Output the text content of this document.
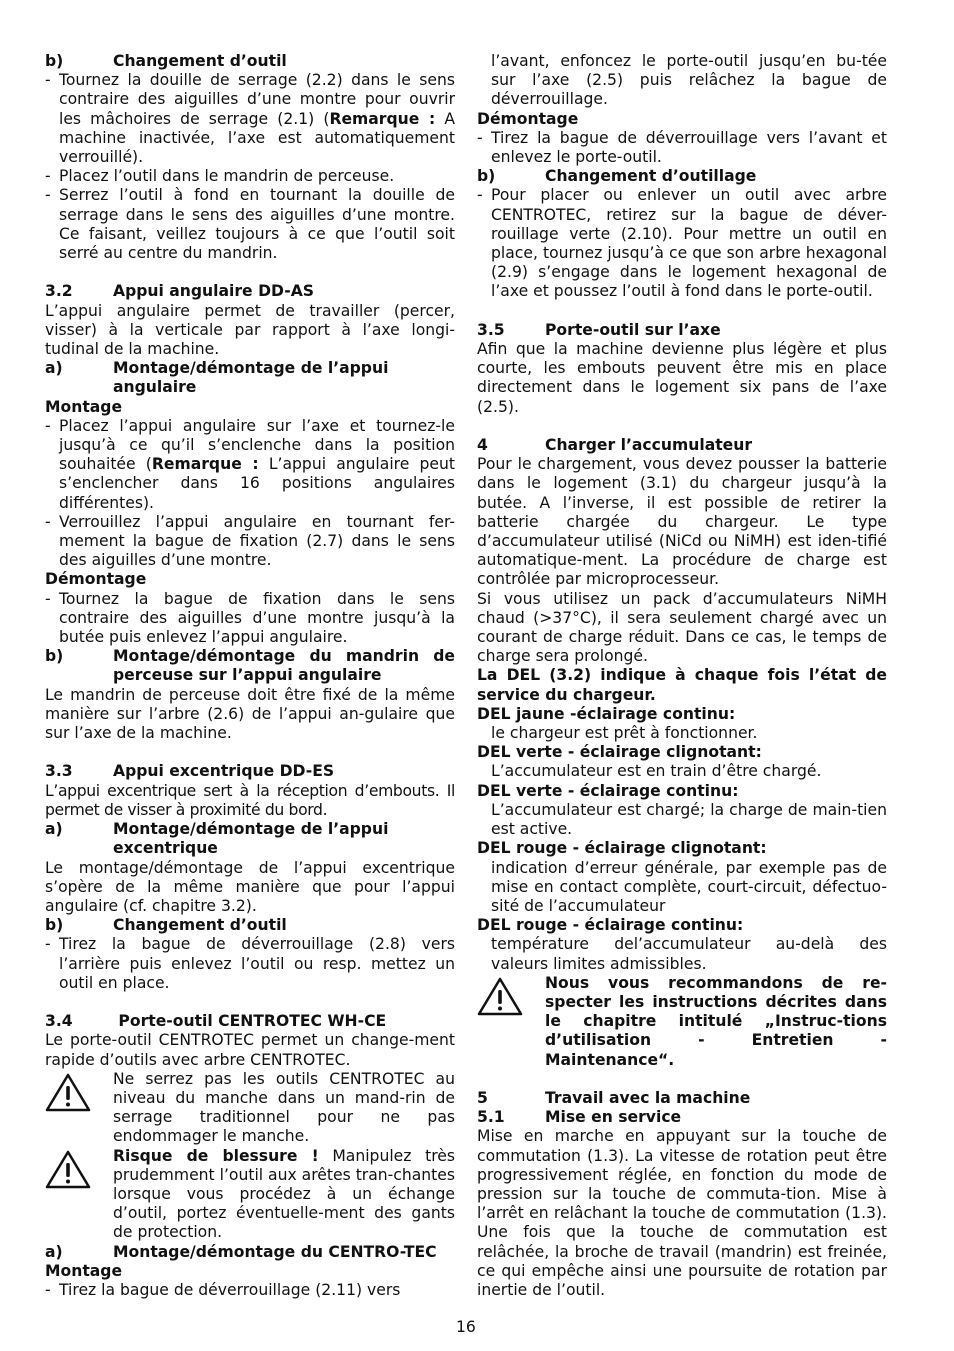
b)	Changement d’outil
- Tournez la douille de serrage (2.2) dans le sens contraire des aiguilles d’une montre pour ouvrir les mâchoires de serrage (2.1) (Remarque : A machine inactivée, l’axe est automatiquement verrouillé).
- Placez l’outil dans le mandrin de perceuse.
- Serrez l’outil à fond en tournant la douille de serrage dans le sens des aiguilles d’une montre. Ce faisant, veillez toujours à ce que l’outil soit serré au centre du mandrin.
3.2	Appui angulaire DD-AS

L’appui angulaire permet de travailler (percer, visser) à la verticale par rapport à l’axe longi-tudinal de la machine.

a)	Montage/démontage de l’appui angulaire

Montage

- Placez l’appui angulaire sur l’axe et tournez-le jusqu’à ce qu’il s’enclenche dans la position souhaitée (Remarque : L’appui angulaire peut s’enclencher dans 16 positions angulaires différentes).
- Verrouillez l’appui angulaire en tournant fer-mement la bague de fixation (2.7) dans le sens des aiguilles d’une montre.

Démontage

- Tournez la bague de fixation dans le sens contraire des aiguilles d’une montre jusqu’à la butée puis enlevez l’appui angulaire.
b)	Montage/démontage du mandrin de perceuse sur l’appui angulaire

Le mandrin de perceuse doit être fixé de la même manière sur l’arbre (2.6) de l’appui an-gulaire que sur l’axe de la machine.

3.3	Appui excentrique DD-ES

L’appui excentrique sert à la réception d’embouts. Il permet de visser à proximité du bord.

a)	Montage/démontage de l’appui excentrique

Le montage/démontage de l’appui excentrique s’opère de la même manière que pour l’appui angulaire (cf. chapitre 3.2).

b)	Changement d’outil
- Tirez la bague de déverrouillage (2.8) vers l’arrière puis enlevez l’outil ou resp. mettez un outil en place.
3.4	Porte-outil CENTROTEC WH-CE

Le porte-outil CENTROTEC permet un change-ment rapide d’outils avec arbre CENTROTEC.

Ne serrez pas les outils CENTROTEC au niveau du manche dans un mand-rin de serrage traditionnel pour ne pas endommager le manche.
Risque de blessure ! Manipulez très prudemment l’outil aux arêtes tran-chantes lorsque vous procédez à un échange d’outil, portez éventuelle-ment des gants de protection.
a)	Montage/démontage du CENTRO-TEC

Montage

- Tirez la bague de déverrouillage (2.11) vers

l’avant, enfoncez le porte-outil jusqu’en bu-tée sur l’axe (2.5) puis relâchez la bague de déverrouillage.

Démontage

- Tirez la bague de déverrouillage vers l’avant et enlevez le porte-outil.
b)	Changement d’outillage
- Pour placer ou enlever un outil avec arbre CENTROTEC, retirez sur la bague de déver-rouillage verte (2.10). Pour mettre un outil en place, tournez jusqu’à ce que son arbre hexagonal (2.9) s’engage dans le logement hexagonal de l’axe et poussez l’outil à fond dans le porte-outil.
3.5	Porte-outil sur l’axe

Afin que la machine devienne plus légère et plus courte, les embouts peuvent être mis en place directement dans le logement six pans de l’axe (2.5).

4	Charger l’accumulateur

Pour le chargement, vous devez pousser la batterie dans le logement (3.1) du chargeur jusqu’à la butée. A l’inverse, il est possible de retirer la batterie chargée du chargeur. Le type d’accumulateur utilisé (NiCd ou NiMH) est iden-tifié automatique-ment. La procédure de charge est contrôlée par microprocesseur.

Si vous utilisez un pack d’accumulateurs NiMH chaud (>37°C), il sera seulement chargé avec un courant de charge réduit. Dans ce cas, le temps de charge sera prolongé.

La DEL (3.2) indique à chaque fois l’état de service du chargeur.

DEL jaune -éclairage continu:

le chargeur est prêt à fonctionner.

DEL verte - éclairage clignotant:

L’accumulateur est en train d’être chargé.

DEL verte - éclairage continu:

L’accumulateur est chargé; la charge de main-tien est active.

DEL rouge - éclairage clignotant:

indication d’erreur générale, par exemple pas de mise en contact complète, court-circuit, défectuo-sité de l’accumulateur

DEL rouge - éclairage continu:

température del’accumulateur au-delà des valeurs limites admissibles.

Nous vous recommandons de re-specter les instructions décrites dans le chapitre intitulé „Instruc-tions d’utilisation - Entretien - Maintenance“.
5	Travail avec la machine
5.1	Mise en service

Mise en marche en appuyant sur la touche de commutation (1.3). La vitesse de rotation peut être progressivement réglée, en fonction du mode de pression sur la touche de commuta-tion. Mise à l’arrêt en relâchant la touche de commutation (1.3). Une fois que la touche de commutation est relâchée, la broche de travail (mandrin) est freinée, ce qui empêche ainsi une poursuite de rotation par inertie de l’outil.

16
